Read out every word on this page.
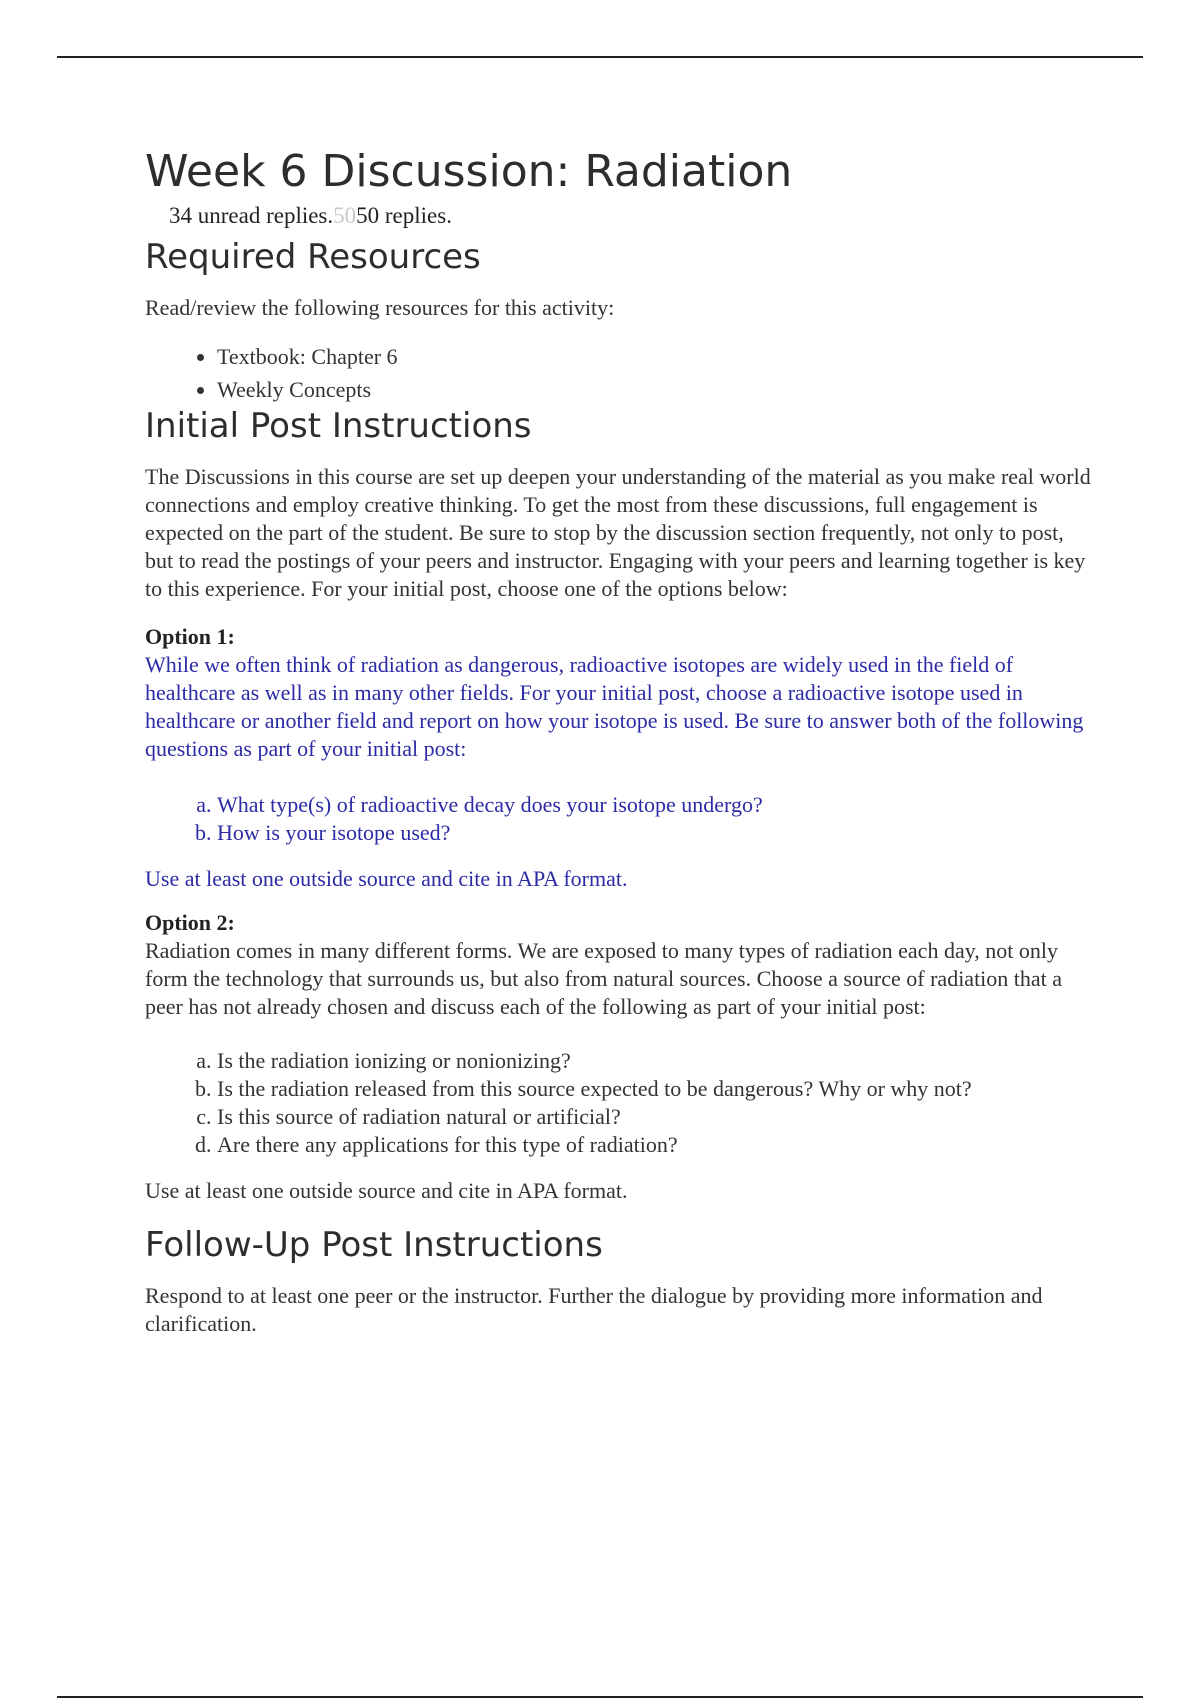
Week 6 Discussion: Radiation
34 unread replies.5050 replies.
Required Resources

Read/review the following resources for this activity:

• Textbook: Chapter 6
• Weekly Concepts
Initial Post Instructions

The Discussions in this course are set up deepen your understanding of the material as you make real world connections and employ creative thinking. To get the most from these discussions, full engagement is expected on the part of the student. Be sure to stop by the discussion section frequently, not only to post, but to read the postings of your peers and instructor. Engaging with your peers and learning together is key to this experience. For your initial post, choose one of the options below:

Option 1:

While we often think of radiation as dangerous, radioactive isotopes are widely used in the field of healthcare as well as in many other fields. For your initial post, choose a radioactive isotope used in healthcare or another field and report on how your isotope is used. Be sure to answer both of the following questions as part of your initial post:

a. What type(s) of radioactive decay does your isotope undergo?
b. How is your isotope used?

Use at least one outside source and cite in APA format.

Option 2:

Radiation comes in many different forms. We are exposed to many types of radiation each day, not only form the technology that surrounds us, but also from natural sources. Choose a source of radiation that a peer has not already chosen and discuss each of the following as part of your initial post:

a. Is the radiation ionizing or nonionizing?
b. Is the radiation released from this source expected to be dangerous? Why or why not?
c. Is this source of radiation natural or artificial?
d. Are there any applications for this type of radiation?

Use at least one outside source and cite in APA format.

Follow-Up Post Instructions

Respond to at least one peer or the instructor. Further the dialogue by providing more information and clarification.
